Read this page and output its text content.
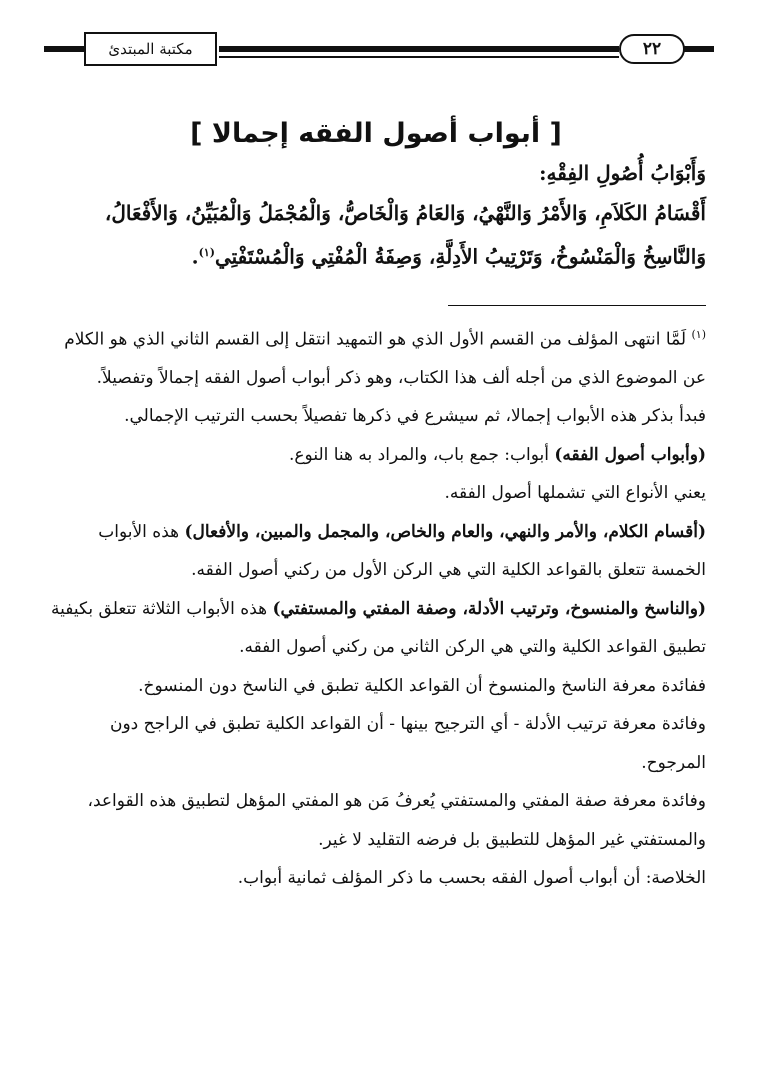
مكتبة المبتدئ	٢٢
[ أبواب أصول الفقه إجمالا ]

وَأَبْوَابُ أُصُولِ الفِقْهِ:

أَقْسَامُ الكَلاَمِ، وَالأَمْرُ وَالنَّهْيُ، وَالعَامُ وَالْخَاصُّ، وَالْمُجْمَلُ وَالْمُبَيِّنُ، وَالأَفْعَالُ،

وَالنَّاسِخُ وَالْمَنْسُوخُ، وَتَرْتِيبُ الأَدِلَّةِ، وَصِفَةُ الْمُفْتِي وَالْمُسْتَفْتِي$^{(١)}$.

$^{(١)}$ لَمَّا انتهى المؤلف من القسم الأول الذي هو التمهيد انتقل إلى القسم الثاني الذي هو الكلام عن الموضوع الذي من أجله ألف هذا الكتاب، وهو ذكر أبواب أصول الفقه إجمالاً وتفصيلاً.

فبدأ بذكر هذه الأبواب إجمالا، ثم سيشرع في ذكرها تفصيلاً بحسب الترتيب الإجمالي.

(وأبواب أصول الفقه) أبواب: جمع باب، والمراد به هنا النوع.

يعني الأنواع التي تشملها أصول الفقه.

(أقسام الكلام، والأمر والنهي، والعام والخاص، والمجمل والمبين، والأفعال) هذه الأبواب الخمسة تتعلق بالقواعد الكلية التي هي الركن الأول من ركني أصول الفقه.

(والناسخ والمنسوخ، وترتيب الأدلة، وصفة المفتي والمستفتي) هذه الأبواب الثلاثة تتعلق بكيفية تطبيق القواعد الكلية والتي هي الركن الثاني من ركني أصول الفقه.

ففائدة معرفة الناسخ والمنسوخ أن القواعد الكلية تطبق في الناسخ دون المنسوخ.

وفائدة معرفة ترتيب الأدلة - أي الترجيح بينها - أن القواعد الكلية تطبق في الراجح دون المرجوح.

وفائدة معرفة صفة المفتي والمستفتي يُعرفُ مَن هو المفتي المؤهل لتطبيق هذه القواعد، والمستفتي غير المؤهل للتطبيق بل فرضه التقليد لا غير.

الخلاصة: أن أبواب أصول الفقه بحسب ما ذكر المؤلف ثمانية أبواب.
